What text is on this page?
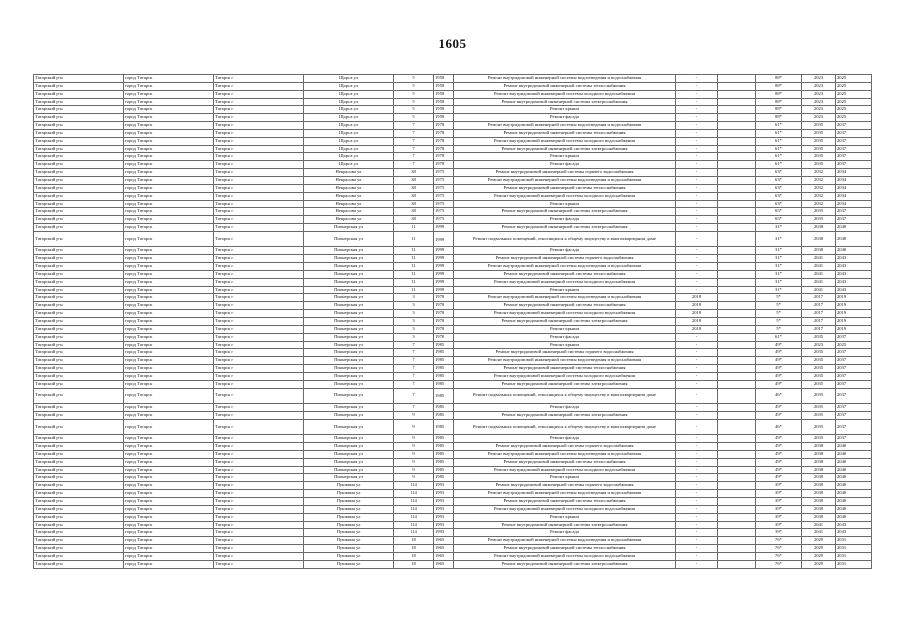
1605
Татарский р-н	город Татарск	Татарск г	Щорса ул	5	1958	Ремонт внутридомовой инженерной системы водоотведения и водоснабжения	-		88*	2023	2025
Татарский р-н	город Татарск	Татарск г	Щорса ул	5	1958	Ремонт внутридомовой инженерной системы теплоснабжения	-		88*	2023	2025
Татарский р-н	город Татарск	Татарск г	Щорса ул	5	1958	Ремонт внутридомовой инженерной системы холодного водоснабжения	-		88*	2023	2025
Татарский р-н	город Татарск	Татарск г	Щорса ул	5	1958	Ремонт внутридомовой инженерной системы электроснабжения	-		88*	2023	2025
Татарский р-н	город Татарск	Татарск г	Щорса ул	5	1958	Ремонт крыши	-		88*	2023	2025
Татарский р-н	город Татарск	Татарск г	Щорса ул	5	1958	Ремонт фасада	-		88*	2023	2025
Татарский р-н	город Татарск	Татарск г	Щорса ул	7	1978	Ремонт внутридомовой инженерной системы водоотведения и водоснабжения	-		61*	2035	2037
Татарский р-н	город Татарск	Татарск г	Щорса ул	7	1978	Ремонт внутридомовой инженерной системы теплоснабжения	-		61*	2035	2037
Татарский р-н	город Татарск	Татарск г	Щорса ул	7	1978	Ремонт внутридомовой инженерной системы холодного водоснабжения	-		61*	2035	2037
Татарский р-н	город Татарск	Татарск г	Щорса ул	7	1978	Ремонт внутридомовой инженерной системы электроснабжения	-		61*	2035	2037
Татарский р-н	город Татарск	Татарск г	Щорса ул	7	1978	Ремонт крыши	-		61*	2035	2037
Татарский р-н	город Татарск	Татарск г	Щорса ул	7	1978	Ремонт фасада	-		61*	2035	2037
Татарский р-н	город Татарск	Татарск г	Некрасова ул	38	1975	Ремонт внутридомовой инженерной системы горячего водоснабжения	-		63*	2032	2034
Татарский р-н	город Татарск	Татарск г	Некрасова ул	38	1975	Ремонт внутридомовой инженерной системы водоотведения и водоснабжения	-		63*	2032	2034
Татарский р-н	город Татарск	Татарск г	Некрасова ул	38	1975	Ремонт внутридомовой инженерной системы теплоснабжения	-		63*	2032	2034
Татарский р-н	город Татарск	Татарск г	Некрасова ул	38	1975	Ремонт внутридомовой инженерной системы холодного водоснабжения	-		63*	2032	2034
Татарский р-н	город Татарск	Татарск г	Некрасова ул	38	1975	Ремонт крыши	-		63*	2032	2034
Татарский р-н	город Татарск	Татарск г	Некрасова ул	38	1975	Ремонт внутридомовой инженерной системы электроснабжения	-		65*	2035	2037
Татарский р-н	город Татарск	Татарск г	Некрасова ул	38	1975	Ремонт фасада	-		65*	2035	2037
Татарский р-н	город Татарск	Татарск г	Пионерская ул	11	1999	Ремонт внутридомовой инженерной системы электроснабжения	-		31*	2038	2040
Татарский р-н	город Татарск	Татарск г	Пионерская ул	11	1999	Ремонт подвальных помещений, относящихся к общему имуществу в многоквартирном доме	-		31*	2038	2040
Татарский р-н	город Татарск	Татарск г	Пионерская ул	11	1999	Ремонт фасада	-		31*	2038	2040
Татарский р-н	город Татарск	Татарск г	Пионерская ул	11	1999	Ремонт внутридомовой инженерной системы горячего водоснабжения	-		31*	2041	2043
Татарский р-н	город Татарск	Татарск г	Пионерская ул	11	1999	Ремонт внутридомовой инженерной системы водоотведения и водоснабжения	-		31*	2041	2043
Татарский р-н	город Татарск	Татарск г	Пионерская ул	11	1999	Ремонт внутридомовой инженерной системы теплоснабжения	-		31*	2041	2043
Татарский р-н	город Татарск	Татарск г	Пионерская ул	11	1999	Ремонт внутридомовой инженерной системы холодного водоснабжения	-		31*	2041	2043
Татарский р-н	город Татарск	Татарск г	Пионерская ул	11	1999	Ремонт крыши	-		31*	2041	2043
Татарский р-н	город Татарск	Татарск г	Пионерская ул	3	1978	Ремонт внутридомовой инженерной системы водоотведения и водоснабжения	2018		5*	2017	2019
Татарский р-н	город Татарск	Татарск г	Пионерская ул	3	1978	Ремонт внутридомовой инженерной системы теплоснабжения	2018		5*	2017	2019
Татарский р-н	город Татарск	Татарск г	Пионерская ул	3	1978	Ремонт внутридомовой инженерной системы холодного водоснабжения	2018		5*	2017	2019
Татарский р-н	город Татарск	Татарск г	Пионерская ул	3	1978	Ремонт внутридомовой инженерной системы электроснабжения	2018		5*	2017	2019
Татарский р-н	город Татарск	Татарск г	Пионерская ул	3	1978	Ремонт крыши	2018		5*	2017	2019
Татарский р-н	город Татарск	Татарск г	Пионерская ул	3	1978	Ремонт фасада	-		61*	2035	2037
Татарский р-н	город Татарск	Татарск г	Пионерская ул	7	1985	Ремонт крыши	-		49*	2023	2025
Татарский р-н	город Татарск	Татарск г	Пионерская ул	7	1985	Ремонт внутридомовой инженерной системы горячего водоснабжения	-		49*	2035	2037
Татарский р-н	город Татарск	Татарск г	Пионерская ул	7	1985	Ремонт внутридомовой инженерной системы водоотведения и водоснабжения	-		49*	2035	2037
Татарский р-н	город Татарск	Татарск г	Пионерская ул	7	1985	Ремонт внутридомовой инженерной системы теплоснабжения	-		49*	2035	2037
Татарский р-н	город Татарск	Татарск г	Пионерская ул	7	1985	Ремонт внутридомовой инженерной системы холодного водоснабжения	-		49*	2035	2037
Татарский р-н	город Татарск	Татарск г	Пионерская ул	7	1985	Ремонт внутридомовой инженерной системы электроснабжения	-		49*	2035	2037
Татарский р-н	город Татарск	Татарск г	Пионерская ул	7	1985	Ремонт подвальных помещений, относящихся к общему имуществу в многоквартирном доме	-		46*	2035	2037
Татарский р-н	город Татарск	Татарск г	Пионерская ул	7	1985	Ремонт фасада	-		49*	2035	2037
Татарский р-н	город Татарск	Татарск г	Пионерская ул	9	1985	Ремонт внутридомовой инженерной системы электроснабжения	-		49*	2035	2037
Татарский р-н	город Татарск	Татарск г	Пионерская ул	9	1985	Ремонт подвальных помещений, относящихся к общему имуществу в многоквартирном доме	-		46*	2035	2037
Татарский р-н	город Татарск	Татарск г	Пионерская ул	9	1985	Ремонт фасада	-		49*	2035	2037
Татарский р-н	город Татарск	Татарск г	Пионерская ул	9	1985	Ремонт внутридомовой инженерной системы горячего водоснабжения	-		49*	2038	2040
Татарский р-н	город Татарск	Татарск г	Пионерская ул	9	1985	Ремонт внутридомовой инженерной системы водоотведения и водоснабжения	-		49*	2038	2040
Татарский р-н	город Татарск	Татарск г	Пионерская ул	9	1985	Ремонт внутридомовой инженерной системы теплоснабжения	-		49*	2038	2040
Татарский р-н	город Татарск	Татарск г	Пионерская ул	9	1985	Ремонт внутридомовой инженерной системы холодного водоснабжения	-		49*	2038	2040
Татарский р-н	город Татарск	Татарск г	Пионерская ул	9	1985	Ремонт крыши	-		49*	2038	2040
Татарский р-н	город Татарск	Татарск г	Пушкина ул	114	1993	Ремонт внутридомовой инженерной системы горячего водоснабжения	-		39*	2038	2040
Татарский р-н	город Татарск	Татарск г	Пушкина ул	114	1993	Ремонт внутридомовой инженерной системы водоотведения и водоснабжения	-		39*	2038	2040
Татарский р-н	город Татарск	Татарск г	Пушкина ул	114	1993	Ремонт внутридомовой инженерной системы теплоснабжения	-		39*	2038	2040
Татарский р-н	город Татарск	Татарск г	Пушкина ул	114	1993	Ремонт внутридомовой инженерной системы холодного водоснабжения	-		39*	2038	2040
Татарский р-н	город Татарск	Татарск г	Пушкина ул	114	1993	Ремонт крыши	-		39*	2038	2040
Татарский р-н	город Татарск	Татарск г	Пушкина ул	114	1993	Ремонт внутридомовой инженерной системы электроснабжения	-		39*	2041	2043
Татарский р-н	город Татарск	Татарск г	Пушкина ул	114	1993	Ремонт фасада	-		39*	2041	2043
Татарский р-н	город Татарск	Татарск г	Пушкина ул	18	1965	Ремонт внутридомовой инженерной системы водоотведения и водоснабжения	-		76*	2029	2031
Татарский р-н	город Татарск	Татарск г	Пушкина ул	18	1965	Ремонт внутридомовой инженерной системы теплоснабжения	-		76*	2029	2031
Татарский р-н	город Татарск	Татарск г	Пушкина ул	18	1965	Ремонт внутридомовой инженерной системы холодного водоснабжения	-		76*	2029	2031
Татарский р-н	город Татарск	Татарск г	Пушкина ул	18	1965	Ремонт внутридомовой инженерной системы электроснабжения	-		76*	2029	2031
